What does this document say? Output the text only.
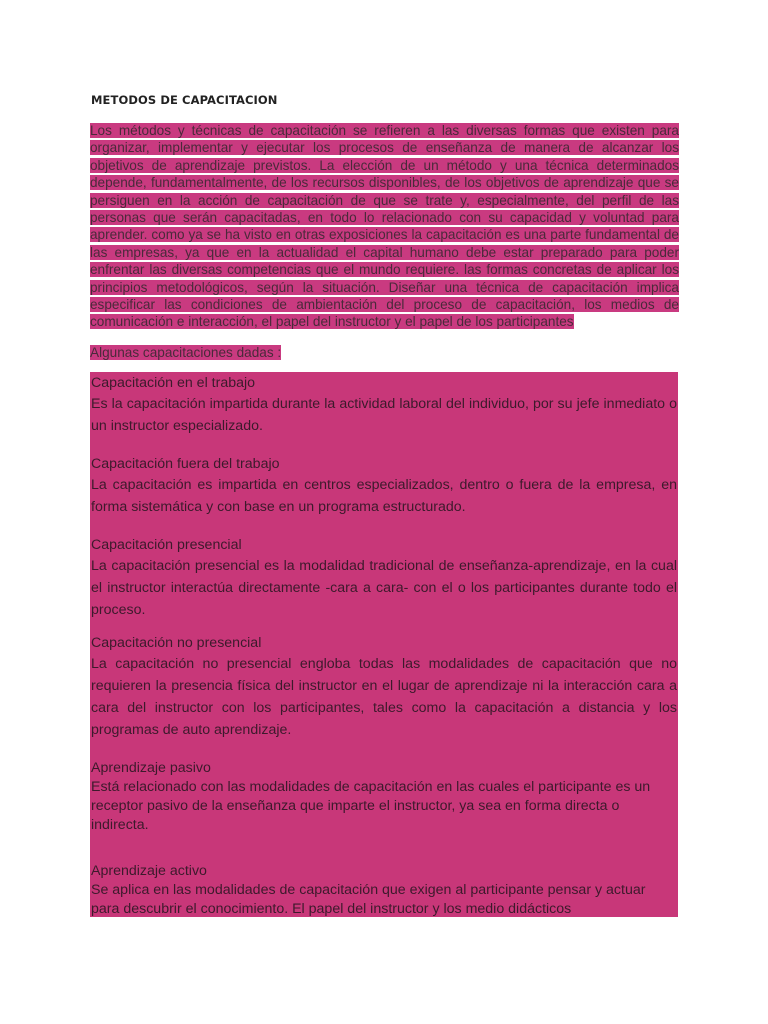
METODOS DE CAPACITACION
Los métodos y técnicas de capacitación se refieren a las diversas formas que existen para organizar, implementar y ejecutar los procesos de enseñanza de manera de alcanzar los objetivos de aprendizaje previstos. La elección de un método y una técnica determinados depende, fundamentalmente, de los recursos disponibles, de los objetivos de aprendizaje que se persiguen en la acción de capacitación de que se trate y, especialmente, del perfil de las personas que serán capacitadas, en todo lo relacionado con su capacidad y voluntad para aprender. como ya se ha visto en otras exposiciones la capacitación es una parte fundamental de las empresas, ya que en la actualidad el capital humano debe estar preparado para poder enfrentar las diversas competencias que el mundo requiere. las formas concretas de aplicar los principios metodológicos, según la situación. Diseñar una técnica de capacitación implica especificar las condiciones de ambientación del proceso de capacitación, los medios de comunicación e interacción, el papel del instructor y el papel de los participantes
Algunas capacitaciones dadas :
Capacitación en el trabajo
Es la capacitación impartida durante la actividad laboral del individuo, por su jefe inmediato o un instructor especializado.
Capacitación fuera del trabajo
La capacitación es impartida en centros especializados, dentro o fuera de la empresa, en forma sistemática y con base en un programa estructurado.
Capacitación presencial
La capacitación presencial es la modalidad tradicional de enseñanza-aprendizaje, en la cual el instructor interactúa directamente -cara a cara- con el o los participantes durante todo el proceso.
Capacitación no presencial
La capacitación no presencial engloba todas las modalidades de capacitación que no requieren la presencia física del instructor en el lugar de aprendizaje ni la interacción cara a cara del instructor con los participantes, tales como la capacitación a distancia y los programas de auto aprendizaje.
Aprendizaje pasivo
Está relacionado con las modalidades de capacitación en las cuales el participante es un receptor pasivo de la enseñanza que imparte el instructor, ya sea en forma directa o indirecta.
Aprendizaje activo
Se aplica en las modalidades de capacitación que exigen al participante pensar y actuar para descubrir el conocimiento. El papel del instructor y los medio didácticos
